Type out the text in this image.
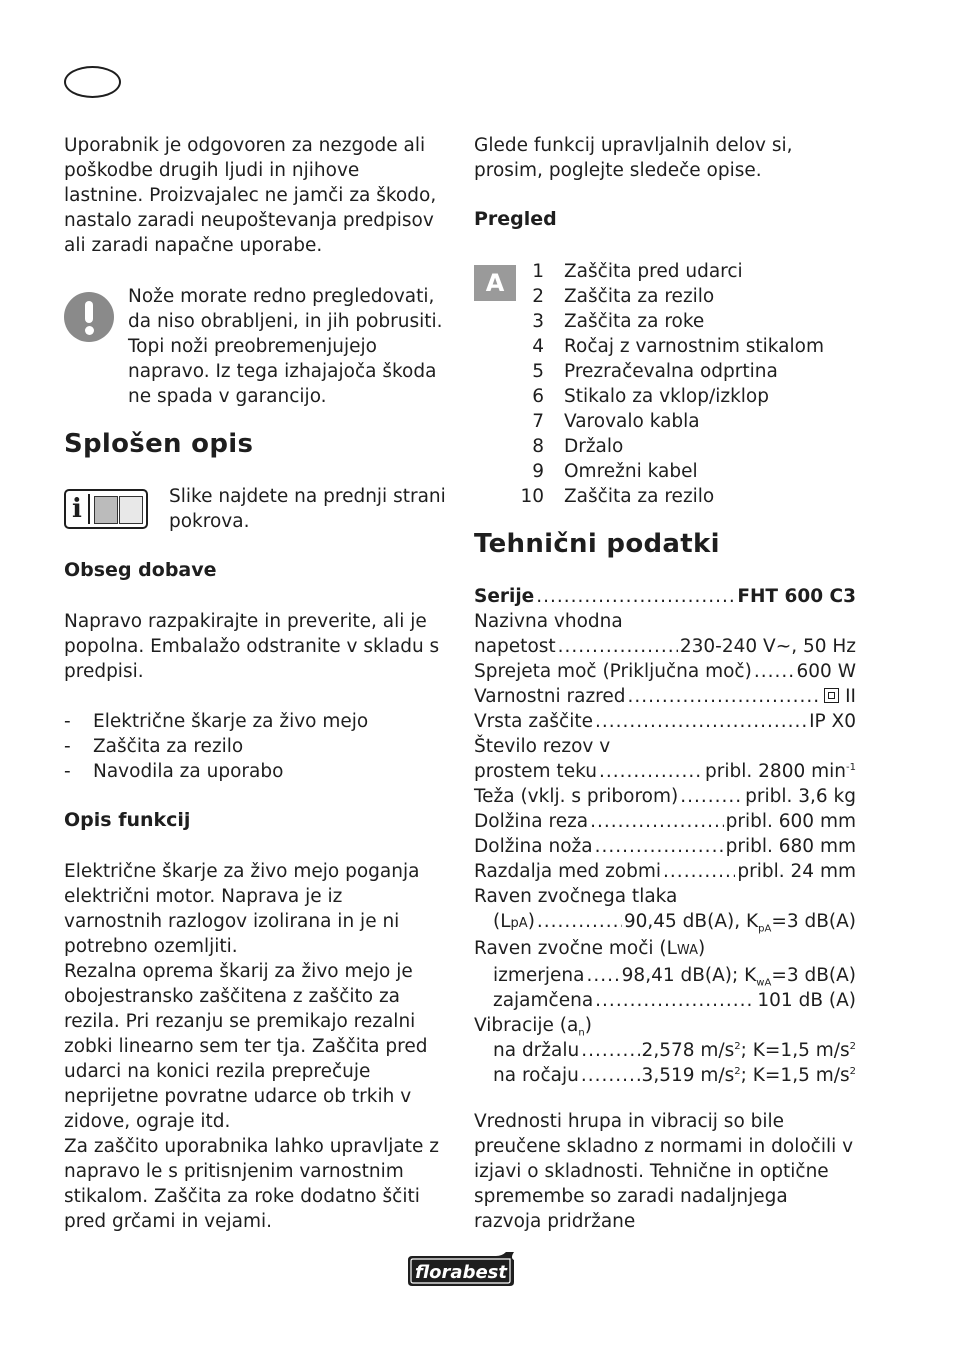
Uporabnik je odgovoren za nezgode ali poškodbe drugih ljudi in njihove lastnine. Proizvajalec ne jamči za škodo, nastalo zaradi neupoštevanja predpisov ali zaradi napačne uporabe.

Nože morate redno pregledovati, da niso obrabljeni, in jih pobrusiti. Topi noži preobremenjujejo napravo. Iz tega izhajajoča škoda ne spada v garancijo.

Splošen opis
i	Slike najdete na prednji strani pokrova.

Obseg dobave

Napravo razpakirajte in preverite, ali je popolna. Embalažo odstranite v skladu s predpisi.

- Električne škarje za živo mejo
- Zaščita za rezilo
- Navodila za uporabo
Opis funkcij

Električne škarje za živo mejo poganja električni motor. Naprava je iz varnostnih razlogov izolirana in je ni potrebno ozemljiti.

Rezalna oprema škarij za živo mejo je obojestransko zaščitena z zaščito za rezila. Pri rezanju se premikajo rezalni zobki linearno sem ter tja. Zaščita pred udarci na konici rezila preprečuje neprijetne povratne udarce ob trkih v zidove, ograje itd.

Za zaščito uporabnika lahko upravljate z napravo le s pritisnjenim varnostnim stikalom. Zaščita za roke dodatno ščiti pred grčami in vejami.

Glede funkcij upravljalnih delov si, prosim, poglejte sledeče opise.

Pregled
A	1 Zaščita pred udarci
2 Zaščita za rezilo
3 Zaščita za roke
4 Ročaj z varnostnim stikalom
5 Prezračevalna odprtina
6 Stikalo za vklop/izklop
7 Varovalo kabla
8 Držalo
9 Omrežni kabel
10 Zaščita za rezilo
Tehnični podatki
Serije .....	FHT 600 C3
Nazivna vhodna
napetost .....	230-240 V~, 50 Hz
Sprejeta moč (Priključna moč) ..... 600 W
Varnostni razred .....	II
Vrsta zaščite .....	IP X0
Število rezov v
prostem teku .....	pribl. 2800 $\min^{-1}$
Teža (vklj. s priborom) .....	pribl. 3,6 kg
Dolžina reza .....	pribl. 600 mm
Dolžina noža .....	pribl. 680 mm
Razdalja med zobmi .....	pribl. 24 mm
Raven zvočnega tlaka
(LpA) .....	90,45 dB(A), $K_{pA}=3$ dB(A)
Raven zvočne moči (LWA)
izmerjena ..... 98,41 dB(A); $K_{wA}=3$ dB(A)
zajamčena .....	101 dB (A)
Vibracije $(a_n)$
na držalu .....	2,578 $m/s^2$; K=1,5 $m/s^2$
na ročaju .....	3,519 $m/s^2$; K=1,5 $m/s^2$

Vrednosti hrupa in vibracij so bile preučene skladno z normami in določili v izjavi o skladnosti. Tehnične in optične spremembe so zaradi nadaljnjega razvoja pridržane

florabest
